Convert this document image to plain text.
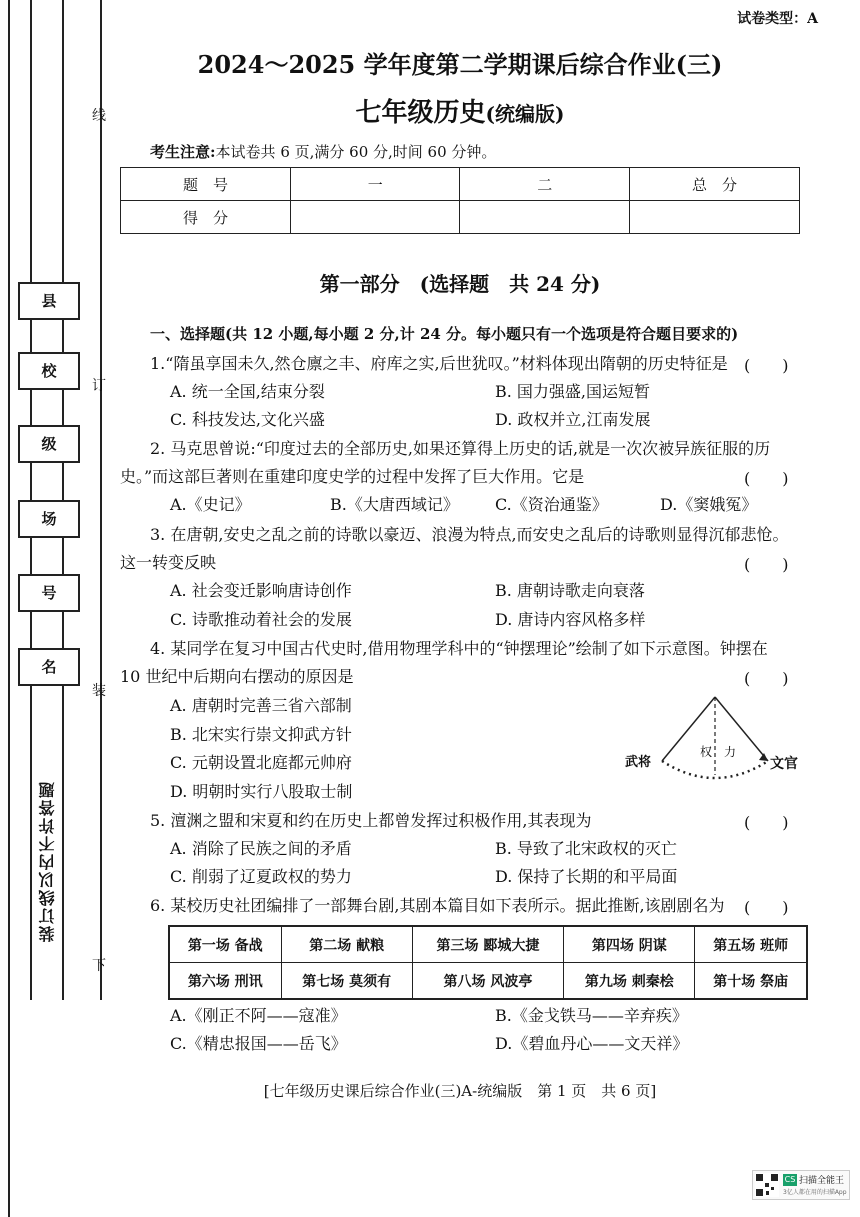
线
订
装
下
县
校
级
场
号
名
装订线以内不许答题
试卷类型：A
2024～2025 学年度第二学期课后综合作业(三)
七年级历史(统编版)
考生注意:本试卷共 6 页,满分 60 分,时间 60 分钟。
题　号	一	二	总　分
得　分			
第一部分　(选择题　共 24 分)
一、选择题(共 12 小题,每小题 2 分,计 24 分。每小题只有一个选项是符合题目要求的)
1.“隋虽享国未久,然仓廪之丰、府库之实,后世犹叹。”材料体现出隋朝的历史特征是 (　　)
A. 统一全国,结束分裂	B. 国力强盛,国运短暂
C. 科技发达,文化兴盛	D. 政权并立,江南发展
2. 马克思曾说:“印度过去的全部历史,如果还算得上历史的话,就是一次次被异族征服的历
史。”而这部巨著则在重建印度史学的过程中发挥了巨大作用。它是	(　　)
A.《史记》	B.《大唐西域记》 C.《资治通鉴》	D.《窦娥冤》
3. 在唐朝,安史之乱之前的诗歌以豪迈、浪漫为特点,而安史之乱后的诗歌则显得沉郁悲怆。
这一转变反映	(　　)
A. 社会变迁影响唐诗创作	B. 唐朝诗歌走向衰落
C. 诗歌推动着社会的发展	D. 唐诗内容风格多样
4. 某同学在复习中国古代史时,借用物理学科中的“钟摆理论”绘制了如下示意图。钟摆在
10 世纪中后期向右摆动的原因是	(　　)
A. 唐朝时完善三省六部制
B. 北宋实行崇文抑武方针
C. 元朝设置北庭都元帅府
D. 明朝时实行八股取士制
武将	文官
权 力
5. 澶渊之盟和宋夏和约在历史上都曾发挥过积极作用,其表现为	(　　)
A. 消除了民族之间的矛盾	B. 导致了北宋政权的灭亡
C. 削弱了辽夏政权的势力	D. 保持了长期的和平局面
6. 某校历史社团编排了一部舞台剧,其剧本篇目如下表所示。据此推断,该剧剧名为 (　　)
第一场 备战	第二场 献粮	第三场 郾城大捷	第四场 阴谋	第五场 班师
第六场 刑讯	第七场 莫须有	第八场 风波亭	第九场 刺秦桧	第十场 祭庙
A.《刚正不阿——寇准》	B.《金戈铁马——辛弃疾》
C.《精忠报国——岳飞》	D.《碧血丹心——文天祥》
[七年级历史课后综合作业(三)A-统编版　第 1 页　共 6 页]
CS 扫描全能王
3亿人都在用的扫描App
